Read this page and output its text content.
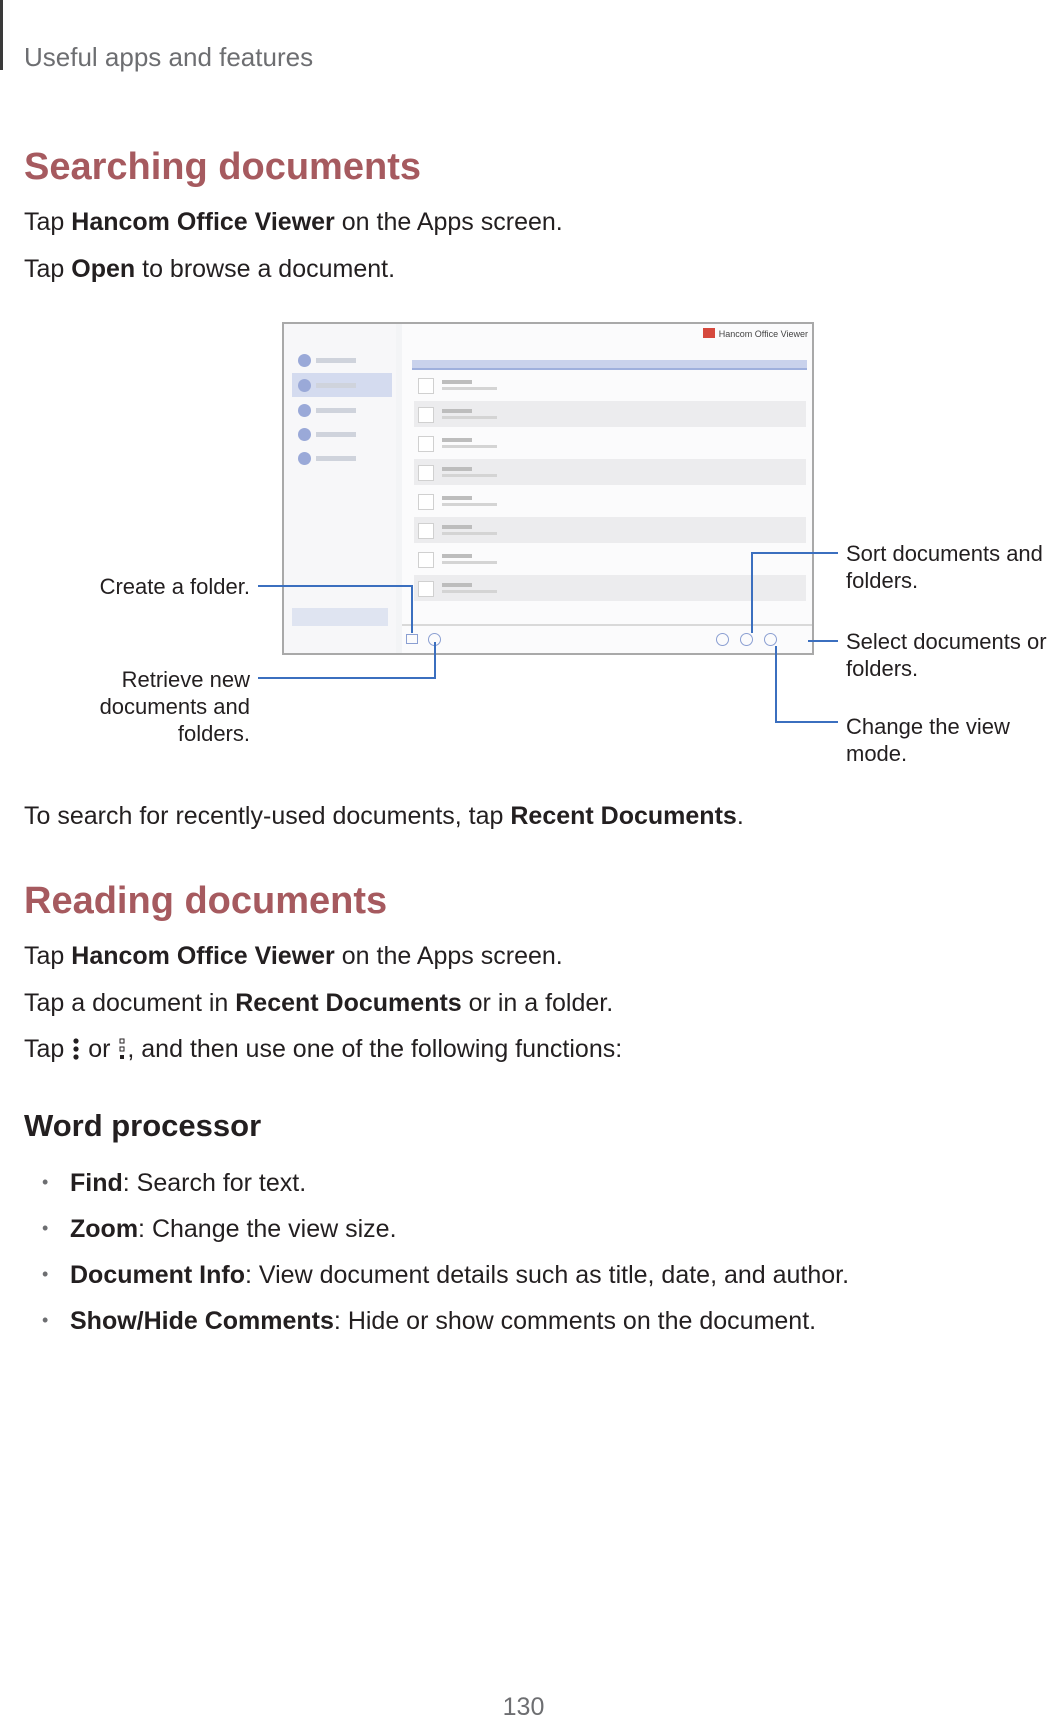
Useful apps and features
Searching documents
Tap Hancom Office Viewer on the Apps screen.
Tap Open to browse a document.
Hancom Office Viewer
Create a folder.
Retrieve new
documents and
folders.
Sort documents and
folders.
Select documents or
folders.
Change the view
mode.
To search for recently-used documents, tap Recent Documents.
Reading documents
Tap Hancom Office Viewer on the Apps screen.
Tap a document in Recent Documents or in a folder.
Tap  or , and then use one of the following functions:
Word processor
• Find: Search for text.
• Zoom: Change the view size.
• Document Info: View document details such as title, date, and author.
• Show/Hide Comments: Hide or show comments on the document.
130
